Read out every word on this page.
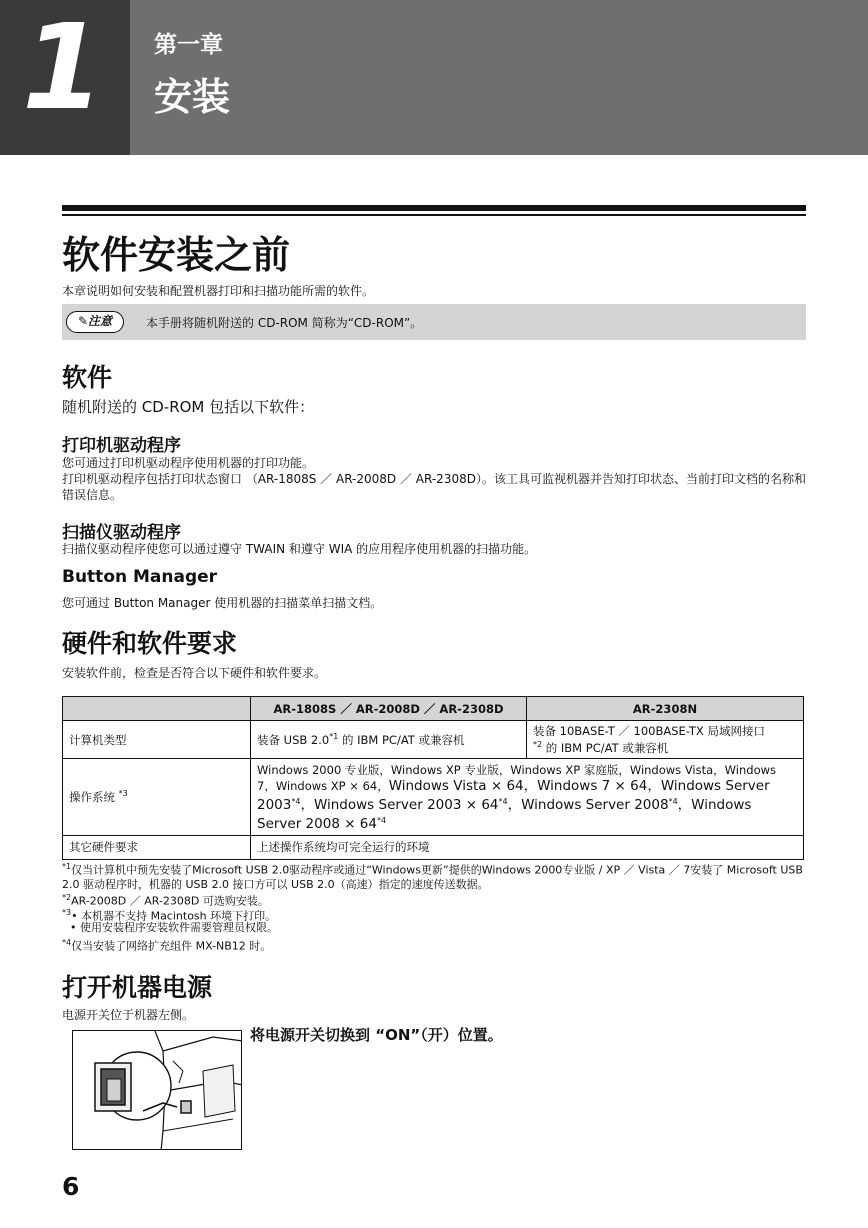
1 第一章
安装
软件安装之前
本章说明如何安装和配置机器打印和扫描功能所需的软件。
✎注意	本手册将随机附送的 CD-ROM 简称为“CD-ROM”。
软件
随机附送的 CD-ROM 包括以下软件：
打印机驱动程序
您可通过打印机驱动程序使用机器的打印功能。
打印机驱动程序包括打印状态窗口 （AR-1808S ／ AR-2008D ／ AR-2308D）。该工具可监视机器并告知打印状态、当前打印文档的名称和错误信息。
扫描仪驱动程序
扫描仪驱动程序使您可以通过遵守 TWAIN 和遵守 WIA 的应用程序使用机器的扫描功能。
Button Manager
您可通过 Button Manager 使用机器的扫描菜单扫描文档。
硬件和软件要求
安装软件前，检查是否符合以下硬件和软件要求。
	AR-1808S ／ AR-2008D ／ AR-2308D	AR-2308N
计算机类型	装备 USB 2.0$^{*1}$ 的 IBM PC/AT 或兼容机	装备 10BASE-T ／ 100BASE-TX 局域网接口
$^{*2}$ 的 IBM PC/AT 或兼容机
操作系统 $^{*3}$	Windows 2000 专业版，Windows XP 专业版，Windows XP 家庭版，Windows Vista，Windows 7，Windows XP × 64，Windows Vista × 64，Windows 7 × 64，Windows Server 2003$^{*4}$，Windows Server $2003 \times 64^{*4}$，Windows Server 2008$^{*4}$，Windows Server $2008 \times 64^{*4}$
其它硬件要求	上述操作系统均可完全运行的环境	
$^{*1}$仅当计算机中预先安装了Microsoft USB 2.0驱动程序或通过“Windows更新”提供的Windows 2000专业版 / XP ／ Vista ／ 7安装了 Microsoft USB 2.0 驱动程序时，机器的 USB 2.0 接口方可以 USB 2.0（高速）指定的速度传送数据。
$^{*2}$AR-2008D ／ AR-2308D 可选购安装。
$^{*3}$• 本机器不支持 Macintosh 环境下打印。
• 使用安装程序安装软件需要管理员权限。
$^{*4}$仅当安装了网络扩充组件 MX-NB12 时。
打开机器电源
电源开关位于机器左侧。
将电源开关切换到 “ON”（开）位置。
6
